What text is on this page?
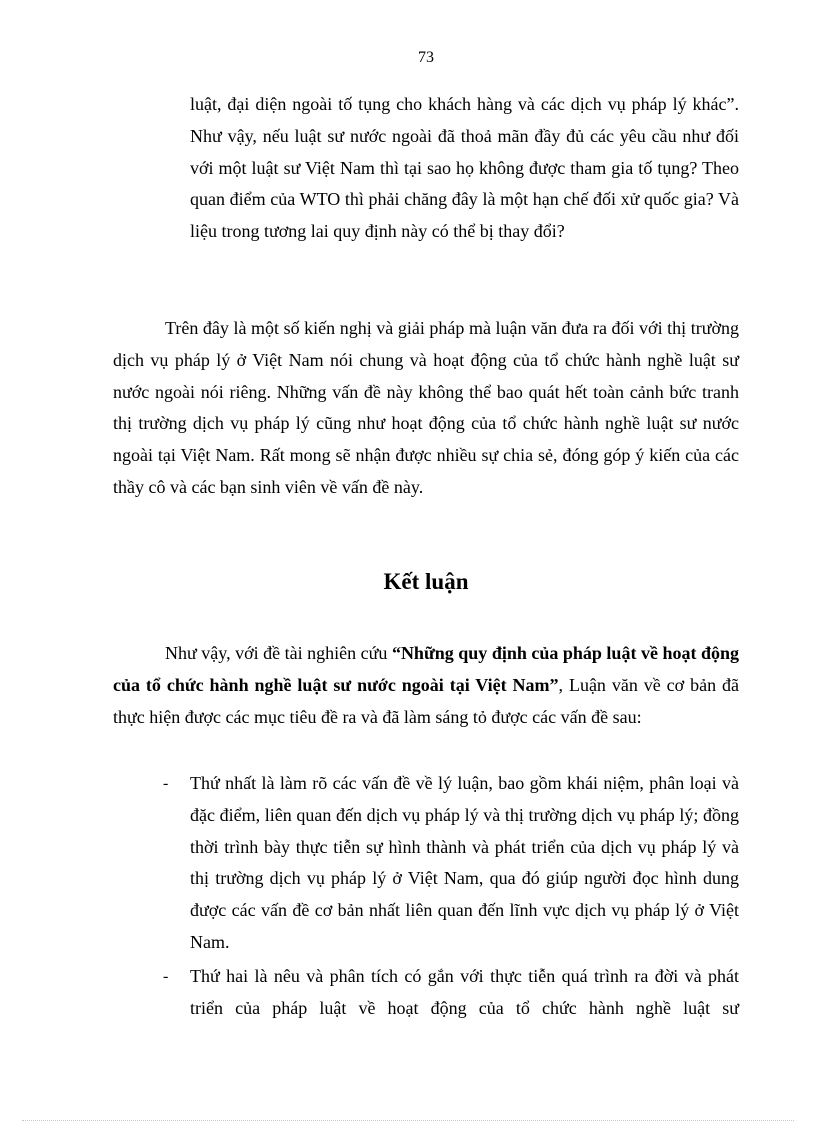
73

luật, đại diện ngoài tố tụng cho khách hàng và các dịch vụ pháp lý khác”. Như vậy, nếu luật sư nước ngoài đã thoả mãn đầy đủ các yêu cầu như đối với một luật sư Việt Nam thì tại sao họ không được tham gia tố tụng? Theo quan điểm của WTO thì phải chăng đây là một hạn chế đối xử quốc gia? Và liệu trong tương lai quy định này có thể bị thay đổi?

Trên đây là một số kiến nghị và giải pháp mà luận văn đưa ra đối với thị trường dịch vụ pháp lý ở Việt Nam nói chung và hoạt động của tổ chức hành nghề luật sư nước ngoài nói riêng. Những vấn đề này không thể bao quát hết toàn cảnh bức tranh thị trường dịch vụ pháp lý cũng như hoạt động của tổ chức hành nghề luật sư nước ngoài tại Việt Nam. Rất mong sẽ nhận được nhiều sự chia sẻ, đóng góp ý kiến của các thầy cô và các bạn sinh viên về vấn đề này.

Kết luận

Như vậy, với đề tài nghiên cứu “Những quy định của pháp luật về hoạt động của tổ chức hành nghề luật sư nước ngoài tại Việt Nam”, Luận văn về cơ bản đã thực hiện được các mục tiêu đề ra và đã làm sáng tỏ được các vấn đề sau:

-	Thứ nhất là làm rõ các vấn đề về lý luận, bao gồm khái niệm, phân loại và đặc điểm, liên quan đến dịch vụ pháp lý và thị trường dịch vụ pháp lý; đồng thời trình bày thực tiễn sự hình thành và phát triển của dịch vụ pháp lý và thị trường dịch vụ pháp lý ở Việt Nam, qua đó giúp người đọc hình dung được các vấn đề cơ bản nhất liên quan đến lĩnh vực dịch vụ pháp lý ở Việt Nam.

-	Thứ hai là nêu và phân tích có gắn với thực tiễn quá trình ra đời và phát triển của pháp luật về hoạt động của tổ chức hành nghề luật sư
